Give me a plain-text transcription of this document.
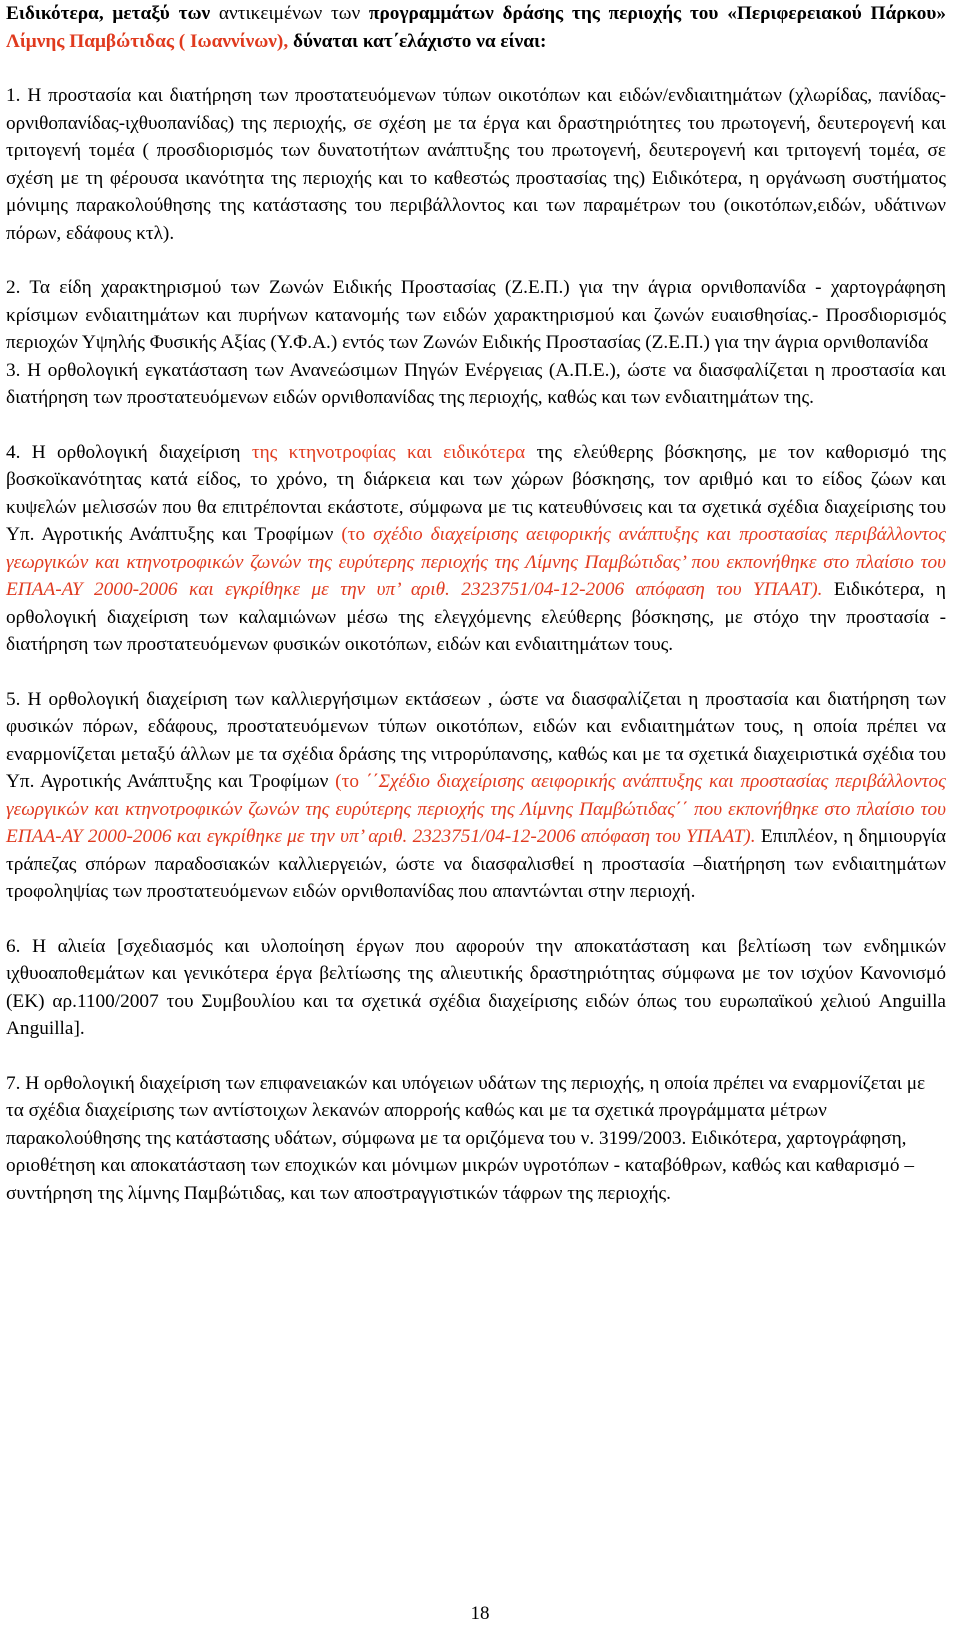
Ειδικότερα, μεταξύ των αντικειμένων των προγραμμάτων δράσης της περιοχής του «Περιφερειακού Πάρκου» Λίμνης Παμβώτιδας ( Ιωαννίνων), δύναται κατ΄ελάχιστο να είναι:

1. Η προστασία και διατήρηση των προστατευόμενων τύπων οικοτόπων και ειδών/ενδιαιτημάτων (χλωρίδας, πανίδας- ορνιθοπανίδας-ιχθυοπανίδας) της περιοχής, σε σχέση με τα έργα και δραστηριότητες του πρωτογενή, δευτερογενή και τριτογενή τομέα ( προσδιορισμός των δυνατοτήτων ανάπτυξης του πρωτογενή, δευτερογενή και τριτογενή τομέα, σε σχέση με τη φέρουσα ικανότητα της περιοχής και το καθεστώς προστασίας της) Ειδικότερα, η οργάνωση συστήματος μόνιμης παρακολούθησης της κατάστασης του περιβάλλοντος και των παραμέτρων του (οικοτόπων,ειδών, υδάτινων πόρων, εδάφους κτλ).

2. Τα είδη χαρακτηρισμού των Ζωνών Ειδικής Προστασίας (Ζ.Ε.Π.) για την άγρια ορνιθοπανίδα - χαρτογράφηση κρίσιμων ενδιαιτημάτων και πυρήνων κατανομής των ειδών χαρακτηρισμού και ζωνών ευαισθησίας.- Προσδιορισμός περιοχών Υψηλής Φυσικής Αξίας (Υ.Φ.Α.) εντός των Ζωνών Ειδικής Προστασίας (Ζ.Ε.Π.) για την άγρια ορνιθοπανίδα

3. Η ορθολογική εγκατάσταση των Ανανεώσιμων Πηγών Ενέργειας (Α.Π.Ε.), ώστε να διασφαλίζεται η προστασία και διατήρηση των προστατευόμενων ειδών ορνιθοπανίδας της περιοχής, καθώς και των ενδιαιτημάτων της.

4. Η ορθολογική διαχείριση της κτηνοτροφίας και ειδικότερα της ελεύθερης βόσκησης, με τον καθορισμό της βοσκοϊκανότητας κατά είδος, το χρόνο, τη διάρκεια και των χώρων βόσκησης, τον αριθμό και το είδος ζώων και κυψελών μελισσών που θα επιτρέπονται εκάστοτε, σύμφωνα με τις κατευθύνσεις και τα σχετικά σχέδια διαχείρισης του Υπ. Αγροτικής Ανάπτυξης και Τροφίμων (το σχέδιο διαχείρισης αειφορικής ανάπτυξης και προστασίας περιβάλλοντος γεωργικών και κτηνοτροφικών ζωνών της ευρύτερης περιοχής της Λίμνης Παμβώτιδας’ που εκπονήθηκε στο πλαίσιο του ΕΠΑΑ-ΑΥ 2000-2006 και εγκρίθηκε με την υπ’ αριθ. 2323751/04-12-2006 απόφαση του ΥΠΑΑΤ). Ειδικότερα, η ορθολογική διαχείριση των καλαμιώνων μέσω της ελεγχόμενης ελεύθερης βόσκησης, με στόχο την προστασία - διατήρηση των προστατευόμενων φυσικών οικοτόπων, ειδών και ενδιαιτημάτων τους.

5. Η ορθολογική διαχείριση των καλλιεργήσιμων εκτάσεων , ώστε να διασφαλίζεται η προστασία και διατήρηση των φυσικών πόρων, εδάφους, προστατευόμενων τύπων οικοτόπων, ειδών και ενδιαιτημάτων τους, η οποία πρέπει να εναρμονίζεται μεταξύ άλλων με τα σχέδια δράσης της νιτρορύπανσης, καθώς και με τα σχετικά διαχειριστικά σχέδια του Υπ. Αγροτικής Ανάπτυξης και Τροφίμων (το ΄΄Σχέδιο διαχείρισης αειφορικής ανάπτυξης και προστασίας περιβάλλοντος γεωργικών και κτηνοτροφικών ζωνών της ευρύτερης περιοχής της Λίμνης Παμβώτιδας΄΄ που εκπονήθηκε στο πλαίσιο του ΕΠΑΑ-ΑΥ 2000-2006 και εγκρίθηκε με την υπ’ αριθ. 2323751/04-12-2006 απόφαση του ΥΠΑΑΤ). Επιπλέον, η δημιουργία τράπεζας σπόρων παραδοσιακών καλλιεργειών, ώστε να διασφαλισθεί η προστασία –διατήρηση των ενδιαιτημάτων τροφοληψίας των προστατευόμενων ειδών ορνιθοπανίδας που απαντώνται στην περιοχή.

6. Η αλιεία [σχεδιασμός και υλοποίηση έργων που αφορούν την αποκατάσταση και βελτίωση των ενδημικών ιχθυοαποθεμάτων και γενικότερα έργα βελτίωσης της αλιευτικής δραστηριότητας σύμφωνα με τον ισχύον Κανονισμό (ΕΚ) αρ.1100/2007 του Συμβουλίου και τα σχετικά σχέδια διαχείρισης ειδών όπως του ευρωπαϊκού χελιού Anguilla Anguilla].

7. Η ορθολογική διαχείριση των επιφανειακών και υπόγειων υδάτων της περιοχής, η οποία πρέπει να εναρμονίζεται με τα σχέδια διαχείρισης των αντίστοιχων λεκανών απορροής καθώς και με τα σχετικά προγράμματα μέτρων παρακολούθησης της κατάστασης υδάτων, σύμφωνα με τα οριζόμενα του ν. 3199/2003. Ειδικότερα, χαρτογράφηση, οριοθέτηση και αποκατάσταση των εποχικών και μόνιμων μικρών υγροτόπων - καταβόθρων, καθώς και καθαρισμό –συντήρηση της λίμνης Παμβώτιδας, και των αποστραγγιστικών τάφρων της περιοχής.

18
